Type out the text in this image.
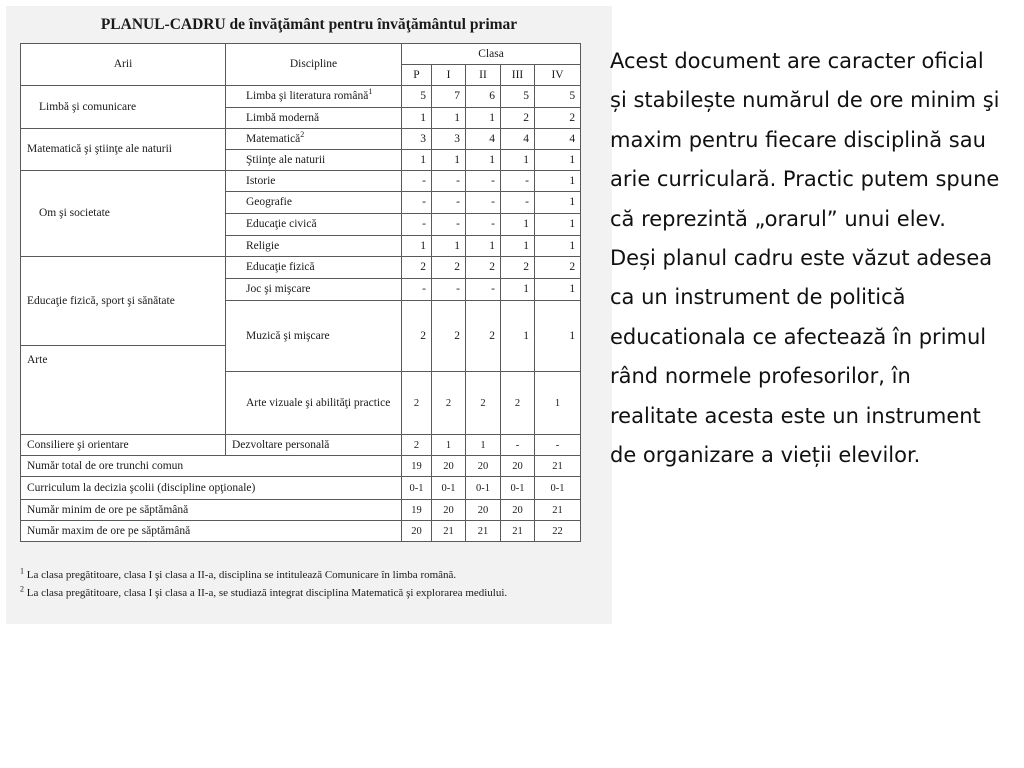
PLANUL-CADRU de învăţământ pentru învăţământul primar
Arii	Discipline	Clasa					
		P	I	II	III	IV	
Limbă şi comunicare	Limba şi literatura română$^1$	5	7	6	5	5	
	Limbă modernă	1	1	1	2	2	
Matematică şi ştiinţe ale naturii	Matematică$^2$	3	3	4	4	4	
	Ştiinţe ale naturii	1	1	1	1	1	
Om şi societate	Istorie	-	-	-	-	1	
	Geografie	-	-	-	-	1	
	Educaţie civică	-	-	-	1	1	
	Religie	1	1	1	1	1	
Educaţie fizică, sport şi sănătate	Educaţie fizică	2	2	2	2	2	
	Joc şi mişcare	-	-	-	1	1	
	Muzică şi mişcare	2	2	2	1	1	
Arte							
	Arte vizuale şi abilităţi practice	2	2	2	2	1	

Consiliere şi orientare	Dezvoltare personală	2	1	1	-	-	
Număr total de ore trunchi comun		19	20	20	20	21	
Curriculum la decizia şcolii (discipline opţionale)		0-1	0-1	0-1	0-1	0-1	
Număr minim de ore pe săptămână		19	20	20	20	21	
Număr maxim de ore pe săptămână		20	21	21	21	22	
$^1$ La clasa pregătitoare, clasa I şi clasa a II-a, disciplina se intitulează Comunicare în limba română.
$^2$ La clasa pregătitoare, clasa I şi clasa a II-a, se studiază integrat disciplina Matematică şi explorarea mediului.

Acest document are caracter oficial și stabilește numărul de ore minim şi maxim pentru fiecare disciplină sau arie curriculară. Practic putem spune că reprezintă „orarul” unui elev.

Deși planul cadru este văzut adesea ca un instrument de politică educationala ce afectează în primul rând normele profesorilor, în realitate acesta este un instrument de organizare a vieții elevilor.
